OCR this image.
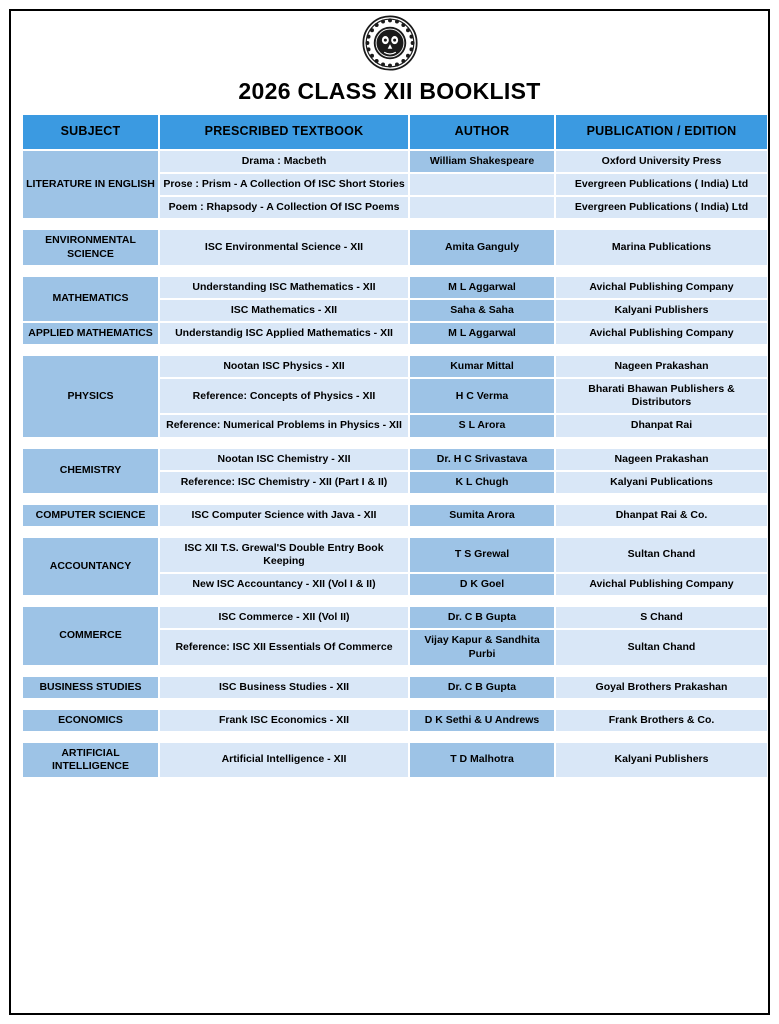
2026 CLASS XII BOOKLIST
SUBJECT	PRESCRIBED TEXTBOOK	AUTHOR	PUBLICATION / EDITION
LITERATURE IN ENGLISH	Drama : Macbeth	William Shakespeare	Oxford University Press
	Prose : Prism - A Collection Of ISC Short Stories		Evergreen Publications ( India) Ltd
	Poem : Rhapsody - A Collection Of ISC Poems		Evergreen Publications ( India) Ltd

ENVIRONMENTAL SCIENCE	ISC Environmental Science - XII	Amita Ganguly	Marina Publications

MATHEMATICS	Understanding ISC Mathematics - XII	M L Aggarwal	Avichal Publishing Company
	ISC Mathematics - XII	Saha & Saha	Kalyani Publishers
APPLIED MATHEMATICS	Understandig ISC Applied Mathematics - XII	M L Aggarwal	Avichal Publishing Company

PHYSICS	Nootan ISC Physics - XII	Kumar Mittal	Nageen Prakashan
	Reference: Concepts of Physics - XII	H C Verma	Bharati Bhawan Publishers & Distributors
	Reference: Numerical Problems in Physics - XII	S L Arora	Dhanpat Rai

CHEMISTRY	Nootan ISC Chemistry - XII	Dr. H C Srivastava	Nageen Prakashan
	Reference: ISC Chemistry - XII (Part I & II)	K L Chugh	Kalyani Publications

COMPUTER SCIENCE	ISC Computer Science with Java - XII	Sumita Arora	Dhanpat Rai & Co.

ACCOUNTANCY	ISC XII T.S. Grewal'S Double Entry Book Keeping	T S Grewal	Sultan Chand
	New ISC Accountancy - XII (Vol I & II)	D K Goel	Avichal Publishing Company

COMMERCE	ISC Commerce - XII (Vol II)	Dr. C B Gupta	S Chand
	Reference: ISC XII Essentials Of Commerce	Vijay Kapur & Sandhita Purbi	Sultan Chand

BUSINESS STUDIES	ISC Business Studies - XII	Dr. C B Gupta	Goyal Brothers Prakashan

ECONOMICS	Frank ISC Economics - XII	D K Sethi & U Andrews	Frank Brothers & Co.

ARTIFICIAL INTELLIGENCE	Artificial Intelligence - XII	T D Malhotra	Kalyani Publishers
